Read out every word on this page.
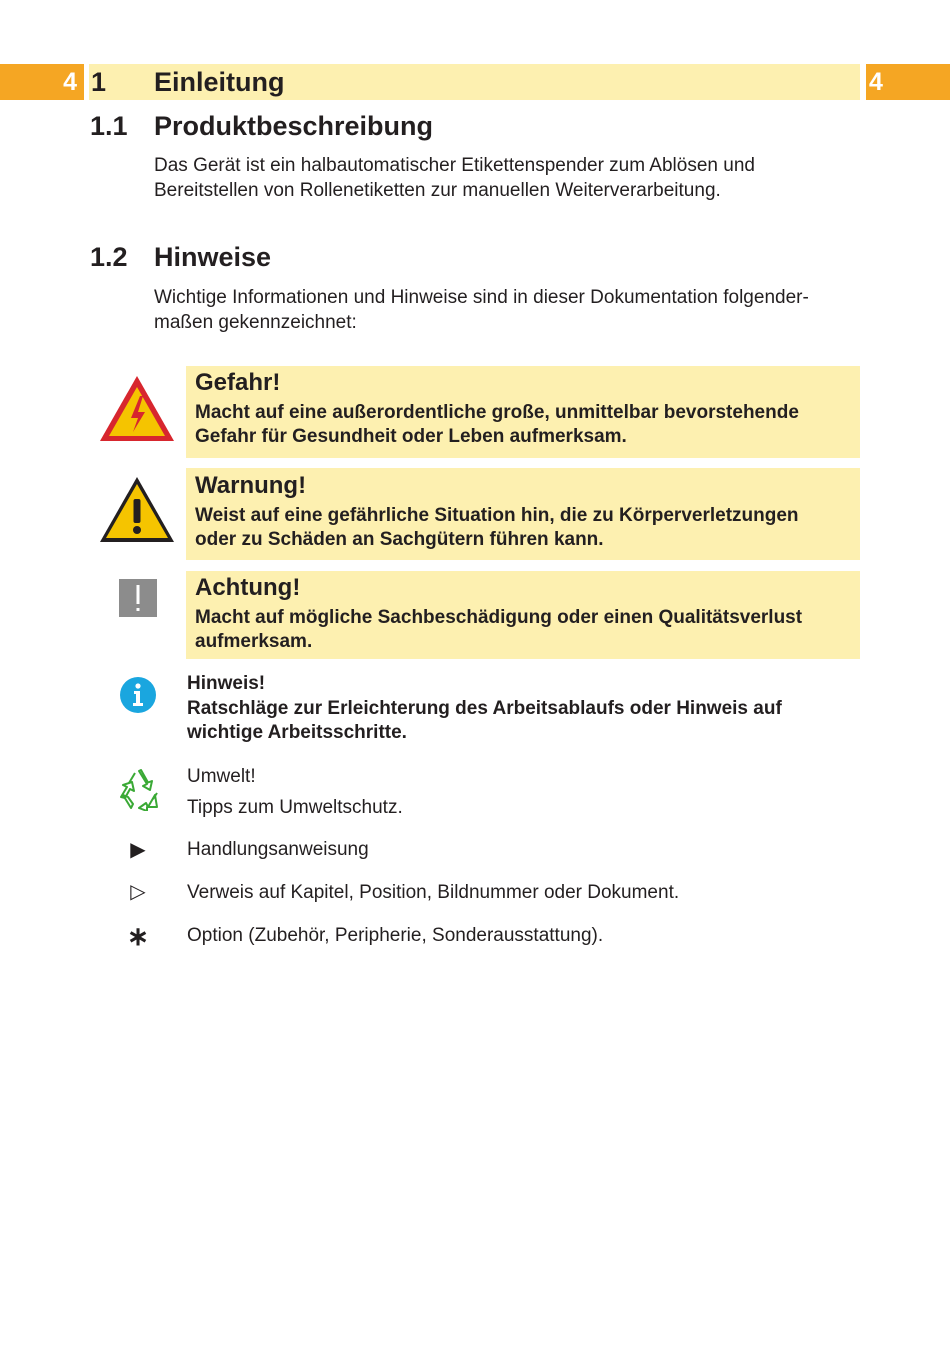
4 1 Einleitung	4
1.1 Produktbeschreibung
Das Gerät ist ein halbautomatischer Etikettenspender zum Ablösen und
Bereitstellen von Rollenetiketten zur manuellen Weiterverarbeitung.
1.2 Hinweise
Wichtige Informationen und Hinweise sind in dieser Dokumentation folgender-
maßen gekennzeichnet:
Gefahr!
Macht auf eine außerordentliche große, unmittelbar bevorstehende
Gefahr für Gesundheit oder Leben aufmerksam.
Warnung!
Weist auf eine gefährliche Situation hin, die zu Körperverletzungen
oder zu Schäden an Sachgütern führen kann.
Achtung!
Macht auf mögliche Sachbeschädigung oder einen Qualitätsverlust
aufmerksam.
Hinweis!
Ratschläge zur Erleichterung des Arbeitsablaufs oder Hinweis auf
wichtige Arbeitsschritte.
Umwelt!
Tipps zum Umweltschutz.
▶	Handlungsanweisung
▷	Verweis auf Kapitel, Position, Bildnummer oder Dokument.
∗ Option (Zubehör, Peripherie, Sonderausstattung).
